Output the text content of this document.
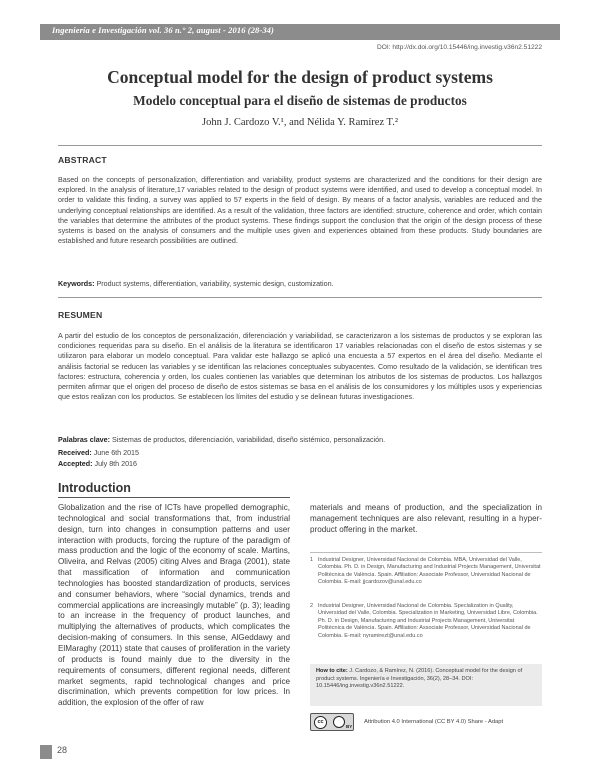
Ingeniería e Investigación vol. 36 n.° 2, august - 2016 (28-34)
DOI: http://dx.doi.org/10.15446/ing.investig.v36n2.51222
Conceptual model for the design of product systems
Modelo conceptual para el diseño de sistemas de productos
John J. Cardozo V.¹, and Nélida Y. Ramírez T.²
ABSTRACT
Based on the concepts of personalization, differentiation and variability, product systems are characterized and the conditions for their design are explored. In the analysis of literature,17 variables related to the design of product systems were identified, and used to develop a conceptual model. In order to validate this finding, a survey was applied to 57 experts in the field of design. By means of a factor analysis, variables are reduced and the underlying conceptual relationships are identified. As a result of the validation, three factors are identified: structure, coherence and order, which contain the variables that determine the attributes of the product systems. These findings support the conclusion that the origin of the design process of these systems is based on the analysis of consumers and the multiple uses given and experiences obtained from these products. Study boundaries are established and future research possibilities are outlined.
Keywords: Product systems, differentiation, variability, systemic design, customization.
RESUMEN
A partir del estudio de los conceptos de personalización, diferenciación y variabilidad, se caracterizaron a los sistemas de productos y se exploran las condiciones requeridas para su diseño. En el análisis de la literatura se identificaron 17 variables relacionadas con el diseño de estos sistemas y se utilizaron para elaborar un modelo conceptual. Para validar este hallazgo se aplicó una encuesta a 57 expertos en el área del diseño. Mediante el análisis factorial se reducen las variables y se identifican las relaciones conceptuales subyacentes. Como resultado de la validación, se identifican tres factores: estructura, coherencia y orden, los cuales contienen las variables que determinan los atributos de los sistemas de productos. Los hallazgos permiten afirmar que el origen del proceso de diseño de estos sistemas se basa en el análisis de los consumidores y los múltiples usos y experiencias que estos realizan con los productos. Se establecen los límites del estudio y se delinean futuras investigaciones.
Palabras clave: Sistemas de productos, diferenciación, variabilidad, diseño sistémico, personalización.
Received: June 6th 2015
Accepted: July 8th 2016
Introduction
Globalization and the rise of ICTs have propelled demographic, technological and social transformations that, from industrial design, turn into changes in consumption patterns and user interaction with products, forcing the rupture of the paradigm of mass production and the logic of the economy of scale. Martins, Oliveira, and Relvas (2005) citing Alves and Braga (2001), state that massification of information and communication technologies has boosted standardization of products, services and consumer behaviors, where “social dynamics, trends and commercial applications are increasingly mutable” (p. 3); leading to an increase in the frequency of product launches, and multiplying the alternatives of products, which complicates the decision-making of consumers. In this sense, AlGeddawy and ElMaraghy (2011) state that causes of proliferation in the variety of products is found mainly due to the diversity in the requirements of consumers, different regional needs, different market segments, rapid technological changes and price discrimination, which prevents competition for low prices. In addition, the explosion of the offer of raw
materials and means of production, and the specialization in management techniques are also relevant, resulting in a hyper-product offering in the market.
1 Industrial Designer, Universidad Nacional de Colombia. MBA, Universidad del Valle, Colombia. Ph. D. in Design, Manufacturing and Industrial Projects Management, Universitat Politècnica de València. Spain. Affiliation: Associate Professor, Universidad Nacional de Colombia. E-mail: jjcardozov@unal.edu.co
2 Industrial Designer, Universidad Nacional de Colombia. Specialization in Quality, Universidad del Valle, Colombia. Specialization in Marketing, Universidad Libre, Colombia. Ph. D. in Design, Manufacturing and Industrial Projects Management, Universitat Politècnica de València. Spain. Affiliation: Associate Professor, Universidad Nacional de Colombia. E-mail: nyramirezt@unal.edu.co
How to cite: J. Cardozo, & Ramírez, N. (2016). Conceptual model for the design of product systems. Ingeniería e Investigación, 36(2), 28–34. DOI: 10.15446/ing.investig.v36n2.51222.
cc
BY
Attribution 4.0 International (CC BY 4.0) Share - Adapt
28
